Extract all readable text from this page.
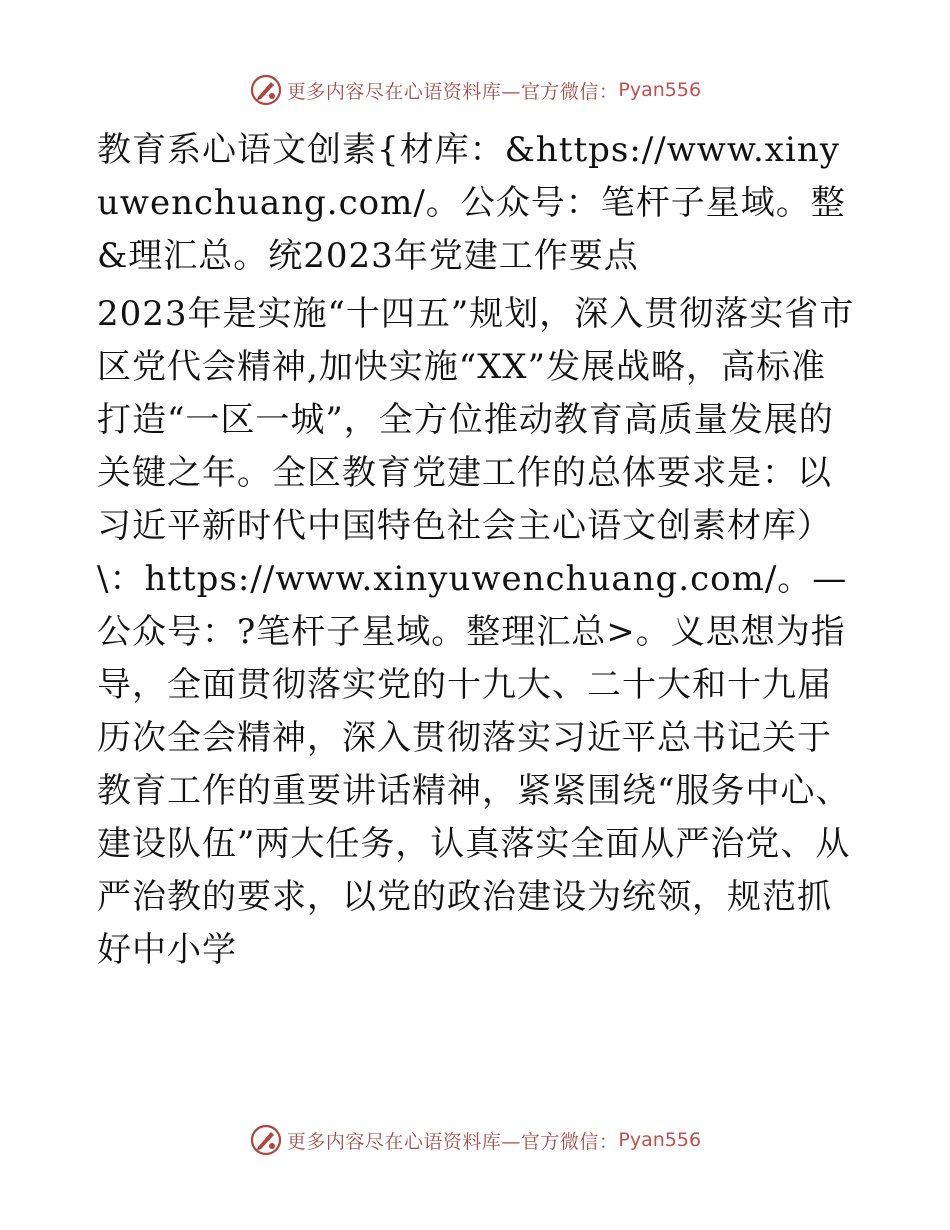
更多内容尽在心语资料库—官方微信： Pyan556

教育系心语文创素{材库：&https://www.xinyuwenchuang.com/。公众号：笔杆子星域。整&理汇总。统2023年党建工作要点

2023年是实施“十四五”规划，深入贯彻落实省市区党代会精神,加快实施“XX”发展战略，高标准打造“一区一城”，全方位推动教育高质量发展的关键之年。全区教育党建工作的总体要求是：以习近平新时代中国特色社会主心语文创素材库）\：https://www.xinyuwenchuang.com/。—公众号：?笔杆子星域。整理汇总>。义思想为指导，全面贯彻落实党的十九大、二十大和十九届历次全会精神，深入贯彻落实习近平总书记关于教育工作的重要讲话精神，紧紧围绕“服务中心、建设队伍”两大任务，认真落实全面从严治党、从严治教的要求，以党的政治建设为统领，规范抓好中小学

更多内容尽在心语资料库—官方微信： Pyan556
